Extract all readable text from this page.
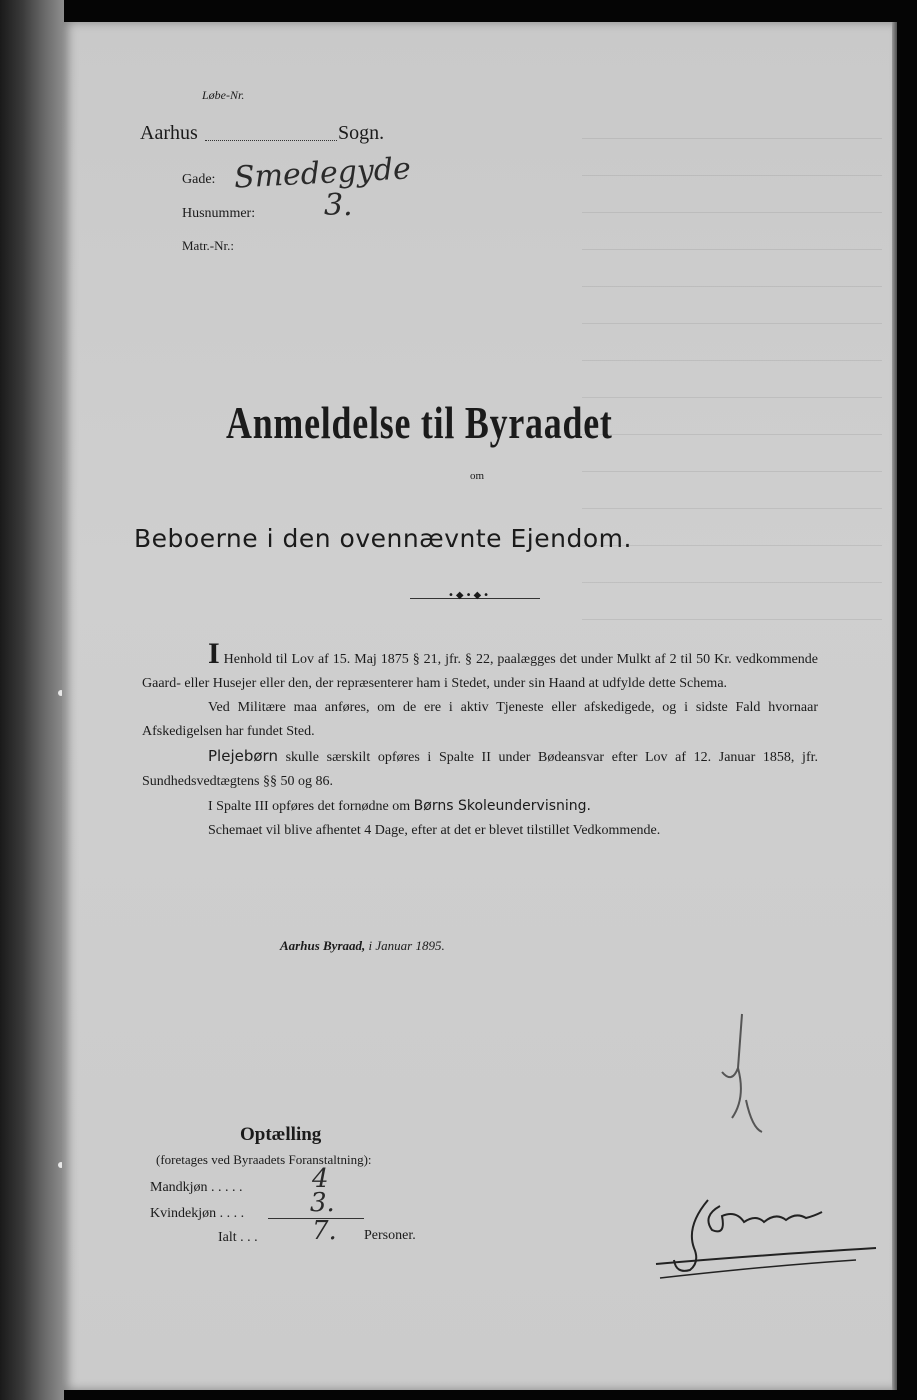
Løbe-Nr.
Aarhus	Sogn.
Gade: Smedegyde
Husnummer: 3.
Matr.-Nr.:
Anmeldelse til Byraadet
om
Beboerne i den ovennævnte Ejendom.
•◆•◆•

I Henhold til Lov af 15. Maj 1875 § 21, jfr. § 22, paalægges det under Mulkt af 2 til 50 Kr. vedkommende Gaard- eller Husejer eller den, der repræsenterer ham i Stedet, under sin Haand at udfylde dette Schema.

Ved Militære maa anføres, om de ere i aktiv Tjeneste eller afskedigede, og i sidste Fald hvornaar Afskedigelsen har fundet Sted.

Plejebørn skulle særskilt opføres i Spalte II under Bødeansvar efter Lov af 12. Januar 1858, jfr. Sundhedsvedtægtens §§ 50 og 86.

I Spalte III opføres det fornødne om Børns Skoleundervisning.

Schemaet vil blive afhentet 4 Dage, efter at det er blevet tilstillet Vedkommende.

Aarhus Byraad, i Januar 1895.
Optælling
(foretages ved Byraadets Foranstaltning):
Mandkjøn . . . . .	4
Kvindekjøn . . . .	3.
Ialt . . . 7. Personer.
